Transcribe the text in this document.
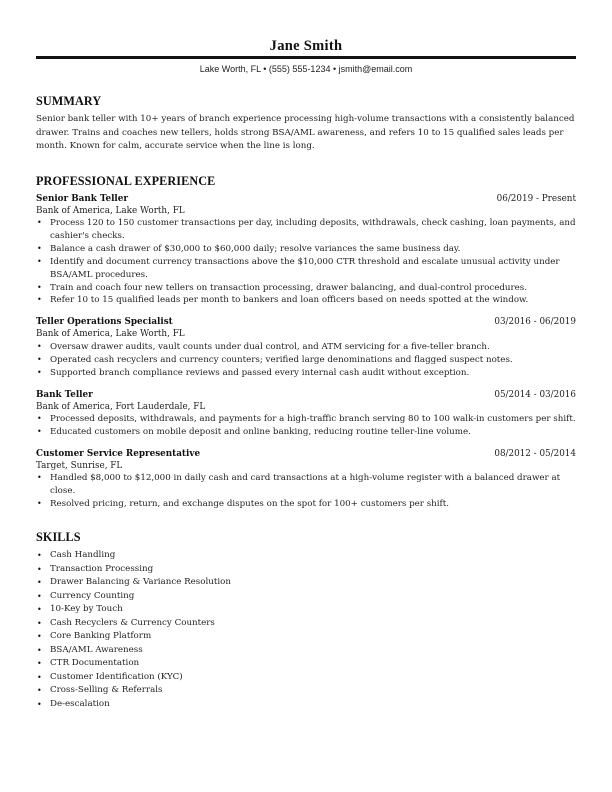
Jane Smith
Lake Worth, FL • (555) 555-1234 • jsmith@email.com
SUMMARY
Senior bank teller with 10+ years of branch experience processing high-volume transactions with a consistently balanced drawer. Trains and coaches new tellers, holds strong BSA/AML awareness, and refers 10 to 15 qualified sales leads per month. Known for calm, accurate service when the line is long.
PROFESSIONAL EXPERIENCE
Senior Bank Teller	06/2019 - Present
Bank of America, Lake Worth, FL
• Process 120 to 150 customer transactions per day, including deposits, withdrawals, check cashing, loan payments, and cashier's checks.
• Balance a cash drawer of $30,000 to $60,000 daily; resolve variances the same business day.
• Identify and document currency transactions above the $10,000 CTR threshold and escalate unusual activity under BSA/AML procedures.
• Train and coach four new tellers on transaction processing, drawer balancing, and dual-control procedures.
• Refer 10 to 15 qualified leads per month to bankers and loan officers based on needs spotted at the window.
Teller Operations Specialist	03/2016 - 06/2019
Bank of America, Lake Worth, FL
• Oversaw drawer audits, vault counts under dual control, and ATM servicing for a five-teller branch.
• Operated cash recyclers and currency counters; verified large denominations and flagged suspect notes.
• Supported branch compliance reviews and passed every internal cash audit without exception.
Bank Teller	05/2014 - 03/2016
Bank of America, Fort Lauderdale, FL
• Processed deposits, withdrawals, and payments for a high-traffic branch serving 80 to 100 walk-in customers per shift.
• Educated customers on mobile deposit and online banking, reducing routine teller-line volume.
Customer Service Representative	08/2012 - 05/2014
Target, Sunrise, FL
• Handled $8,000 to $12,000 in daily cash and card transactions at a high-volume register with a balanced drawer at close.
• Resolved pricing, return, and exchange disputes on the spot for 100+ customers per shift.
SKILLS
• Cash Handling
• Transaction Processing
• Drawer Balancing & Variance Resolution
• Currency Counting
• 10-Key by Touch
• Cash Recyclers & Currency Counters
• Core Banking Platform
• BSA/AML Awareness
• CTR Documentation
• Customer Identification (KYC)
• Cross-Selling & Referrals
• De-escalation
